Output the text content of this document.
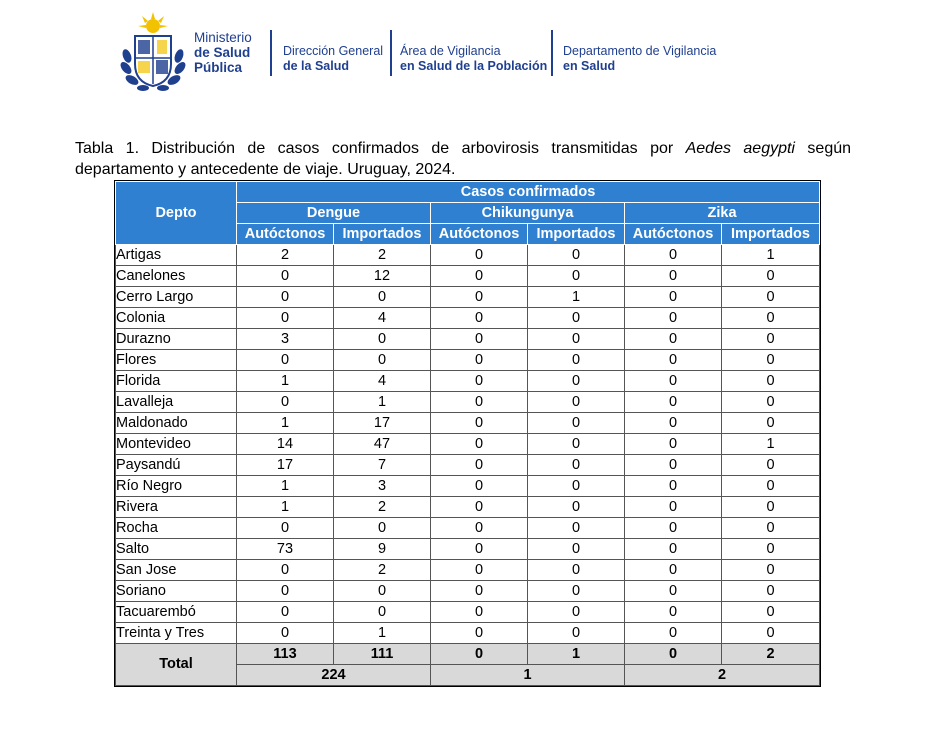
Ministerio
de Salud
Pública
Dirección General
de la Salud
Área de Vigilancia
en Salud de la Población
Departamento de Vigilancia
en Salud
Tabla 1. Distribución de casos confirmados de arbovirosis transmitidas por Aedes aegypti según departamento y antecedente de viaje. Uruguay, 2024.
Depto	Casos confirmados					
	Dengue		Chikungunya		Zika	
	Autóctonos	Importados	Autóctonos	Importados	Autóctonos	Importados
Artigas	2	2	0	0	0	1
Canelones	0	12	0	0	0	0
Cerro Largo	0	0	0	1	0	0
Colonia	0	4	0	0	0	0
Durazno	3	0	0	0	0	0
Flores	0	0	0	0	0	0
Florida	1	4	0	0	0	0
Lavalleja	0	1	0	0	0	0
Maldonado	1	17	0	0	0	0
Montevideo	14	47	0	0	0	1
Paysandú	17	7	0	0	0	0
Río Negro	1	3	0	0	0	0
Rivera	1	2	0	0	0	0
Rocha	0	0	0	0	0	0
Salto	73	9	0	0	0	0
San Jose	0	2	0	0	0	0
Soriano	0	0	0	0	0	0
Tacuarembó	0	0	0	0	0	0
Treinta y Tres	0	1	0	0	0	0
Total	113	111	0	1	0	2
	224		1		2	
